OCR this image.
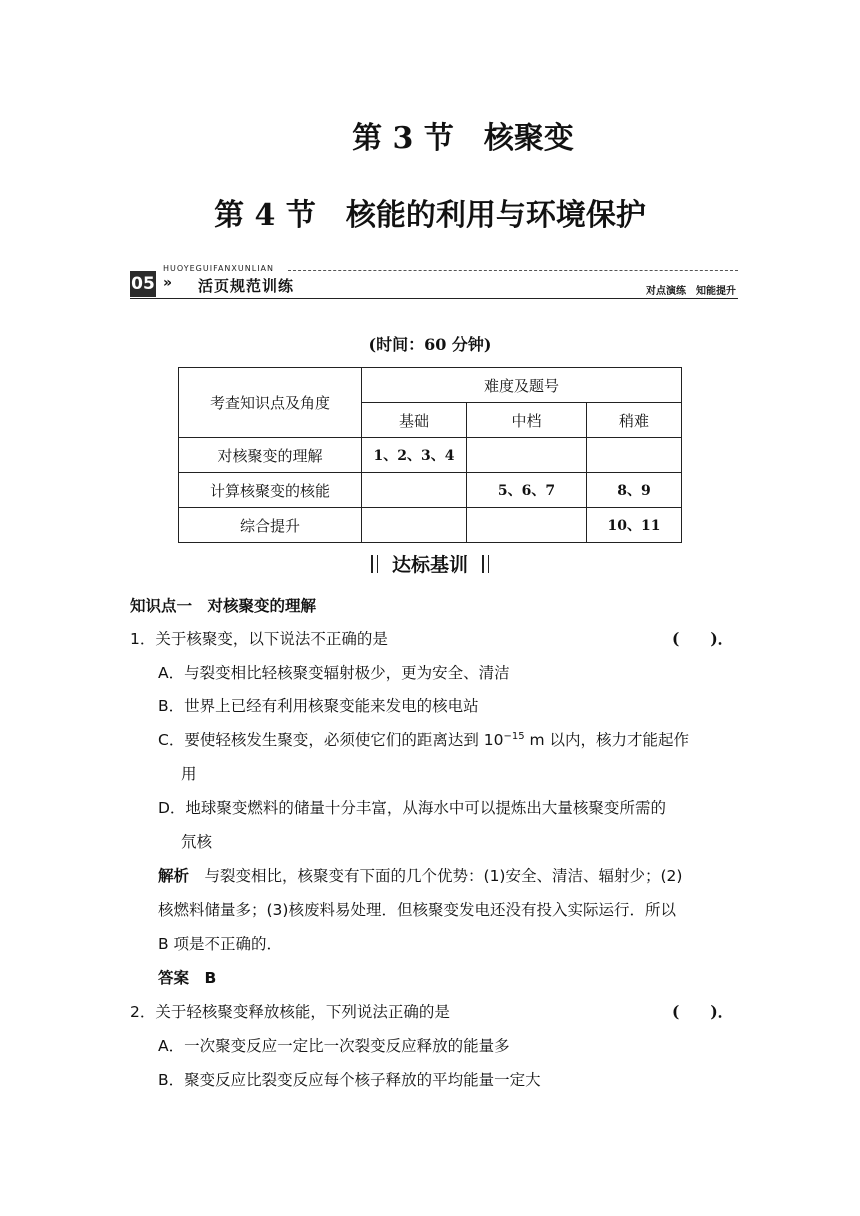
第 3 节　核聚变
第 4 节　核能的利用与环境保护
HUOYEGUIFANXUNLIAN
05 » 活页规范训练	对点演练　知能提升
(时间：60 分钟)
考查知识点及角度	难度及题号		
	基础	中档	稍难
对核聚变的理解	1、2、3、4		
计算核聚变的核能		5、6、7	8、9
综合提升			10、11
达标基训
知识点一　 对核聚变的理解
1．关于核聚变，以下说法不正确的是	(　　)．
A．与裂变相比轻核聚变辐射极少，更为安全、清洁
B．世界上已经有利用核聚变能来发电的核电站
C．要使轻核发生聚变，必须使它们的距离达到 $10^{-15}$ m 以内，核力才能起作
用
D．地球聚变燃料的储量十分丰富，从海水中可以提炼出大量核聚变所需的
氘核
解析　与裂变相比，核聚变有下面的几个优势：(1)安全、清洁、辐射少；(2)
核燃料储量多；(3)核废料易处理．但核聚变发电还没有投入实际运行．所以
B 项是不正确的．
答案　 B
2．关于轻核聚变释放核能，下列说法正确的是	(　　)．
A．一次聚变反应一定比一次裂变反应释放的能量多
B．聚变反应比裂变反应每个核子释放的平均能量一定大
